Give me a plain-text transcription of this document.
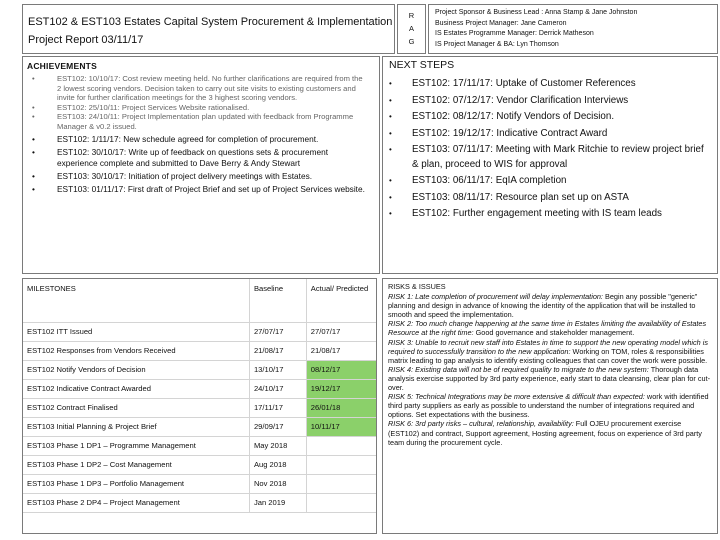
EST102 & EST103 Estates Capital System Procurement & Implementation
Project Report 03/11/17
R
A
G
Project Sponsor & Business Lead : Anna Stamp & Jane Johnston
Business Project Manager: Jane Cameron
IS Estates Programme Manager: Derrick Matheson
IS Project Manager & BA: Lyn Thomson
ACHIEVEMENTS
• EST102: 10/10/17: Cost review meeting held. No further clarifications are required from the 2 lowest scoring vendors. Decision taken to carry out site visits to existing customers and invite for further clarification meetings for the 3 highest scoring vendors.
• EST102: 25/10/11: Project Services Website rationalised.
• EST103: 24/10/11: Project Implementation plan updated with feedback from Programme Manager & v0.2 issued.
• EST102: 1/11/17: New schedule agreed for completion of procurement.
• EST102: 30/10/17: Write up of feedback on questions sets & procurement experience complete and submitted to Dave Berry & Andy Stewart
• EST103: 30/10/17: Initiation of project delivery meetings with Estates.
• EST103: 01/11/17: First draft of Project Brief and set up of Project Services website.
NEXT STEPS
• EST102: 17/11/17: Uptake of Customer References
• EST102: 07/12/17: Vendor Clarification Interviews
• EST102: 08/12/17: Notify Vendors of Decision.
• EST102: 19/12/17: Indicative Contract Award
• EST103: 07/11/17: Meeting with Mark Ritchie to review project brief & plan, proceed to WIS for approval
• EST103: 06/11/17: EqIA completion
• EST103: 08/11/17: Resource plan set up on ASTA
• EST102: Further engagement meeting with IS team leads
MILESTONES	Baseline	Actual/ Predicted
EST102 ITT Issued	27/07/17	27/07/17
EST102 Responses from Vendors Received	21/08/17	21/08/17
EST102 Notify Vendors of Decision	13/10/17	08/12/17
EST102 Indicative Contract Awarded	24/10/17	19/12/17
EST102 Contract Finalised	17/11/17	26/01/18
EST103 Initial Planning & Project Brief	29/09/17	10/11/17
EST103 Phase 1 DP1 – Programme Management	May 2018	
EST103 Phase 1 DP2 – Cost Management	Aug 2018	
EST103 Phase 1 DP3 – Portfolio Management	Nov 2018	
EST103 Phase 2 DP4 – Project Management	Jan 2019	

RISKS & ISSUES

RISK 1: Late completion of procurement will delay implementation: Begin any possible "generic" planning and design in advance of knowing the identity of the application that will be installed to smooth and speed the implementation.

RISK 2: Too much change happening at the same time in Estates limiting the availability of Estates Resource at the right time: Good governance and stakeholder management.

RISK 3: Unable to recruit new staff into Estates in time to support the new operating model which is required to successfully transition to the new application: Working on TOM, roles & responsibilities matrix leading to gap analysis to identify existing colleagues that can cover the work were possible.

RISK 4: Existing data will not be of required quality to migrate to the new system: Thorough data analysis exercise supported by 3rd party experience, early start to data cleansing, clear plan for cut-over.

RISK 5: Technical Integrations may be more extensive & difficult than expected: work with identified third party suppliers as early as possible to understand the number of integrations required and options. Set expectations with the business.

RISK 6: 3rd party risks – cultural, relationship, availability: Full OJEU procurement exercise (EST102) and contract, Support agreement, Hosting agreement, focus on experience of 3rd party team during the procurement cycle.
